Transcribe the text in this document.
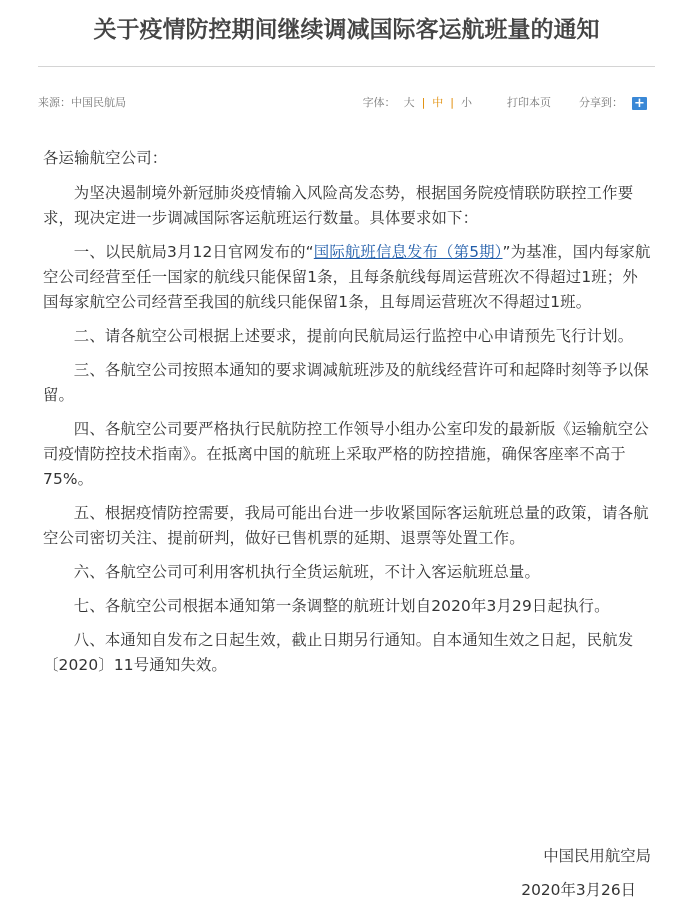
关于疫情防控期间继续调减国际客运航班量的通知
来源：中国民航局	字体： 大 | 中 | 小	打印本页	分享到： +

各运输航空公司：

为坚决遏制境外新冠肺炎疫情输入风险高发态势，根据国务院疫情联防联控工作要求，现决定进一步调减国际客运航班运行数量。具体要求如下：

一、以民航局3月12日官网发布的“国际航班信息发布（第5期）”为基准，国内每家航空公司经营至任一国家的航线只能保留1条，且每条航线每周运营班次不得超过1班；外国每家航空公司经营至我国的航线只能保留1条，且每周运营班次不得超过1班。

二、请各航空公司根据上述要求，提前向民航局运行监控中心申请预先飞行计划。

三、各航空公司按照本通知的要求调减航班涉及的航线经营许可和起降时刻等予以保留。

四、各航空公司要严格执行民航防控工作领导小组办公室印发的最新版《运输航空公司疫情防控技术指南》。在抵离中国的航班上采取严格的防控措施，确保客座率不高于75%。

五、根据疫情防控需要，我局可能出台进一步收紧国际客运航班总量的政策，请各航空公司密切关注、提前研判，做好已售机票的延期、退票等处置工作。

六、各航空公司可利用客机执行全货运航班，不计入客运航班总量。

七、各航空公司根据本通知第一条调整的航班计划自2020年3月29日起执行。

八、本通知自发布之日起生效，截止日期另行通知。自本通知生效之日起，民航发〔2020〕11号通知失效。

中国民用航空局
2020年3月26日
